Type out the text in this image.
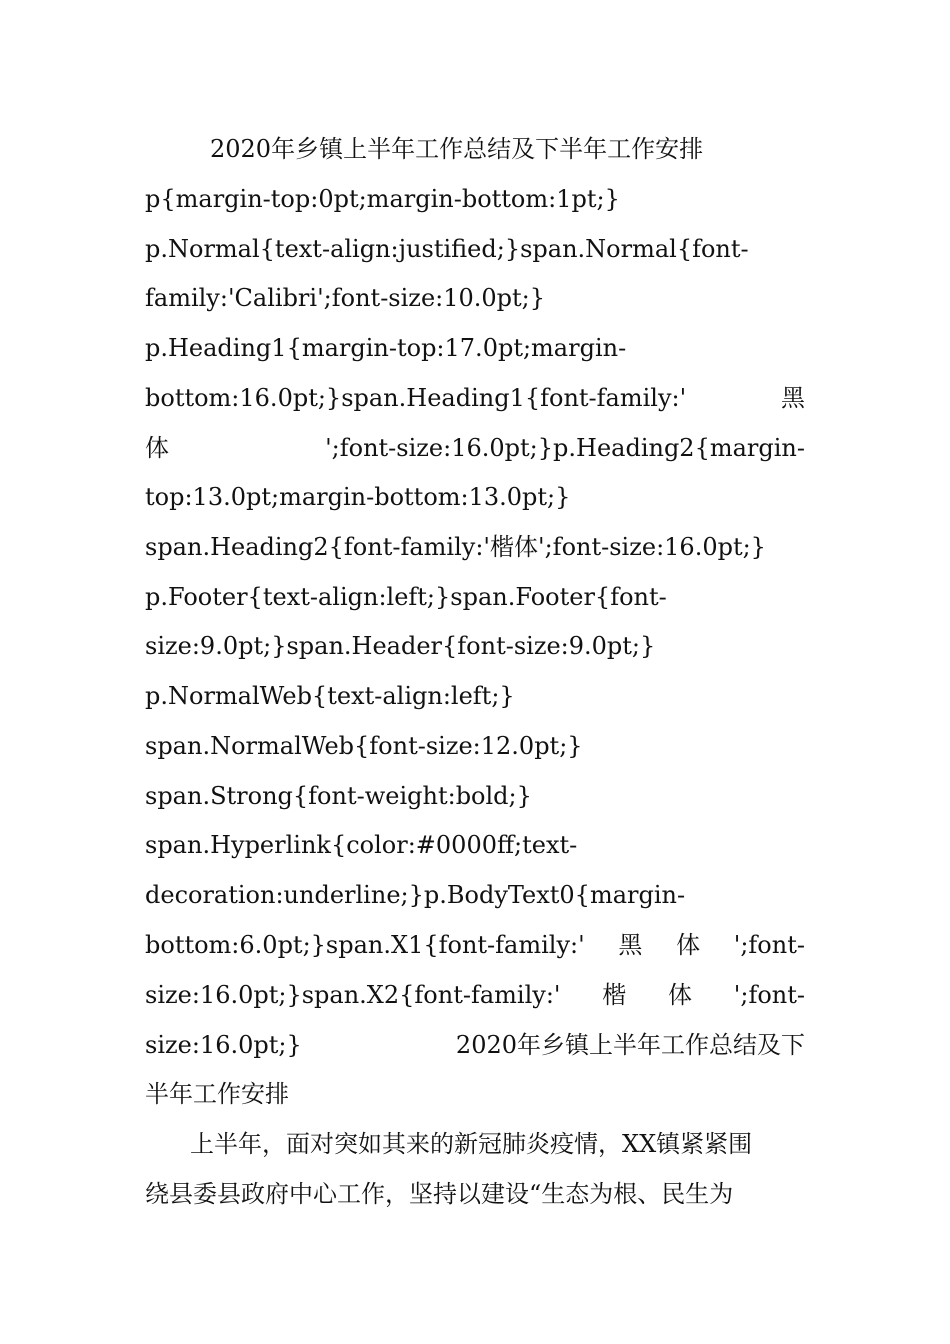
2020年乡镇上半年工作总结及下半年工作安排
p{margin-top:0pt;margin-bottom:1pt;}
p.Normal{text-align:justified;}span.Normal{font-
family:'Calibri';font-size:10.0pt;}
p.Heading1{margin-top:17.0pt;margin-
bottom:16.0pt;}span.Heading1{font-family:'	黑
体	';font-size:16.0pt;}p.Heading2{margin-
top:13.0pt;margin-bottom:13.0pt;}
span.Heading2{font-family:'楷体';font-size:16.0pt;}
p.Footer{text-align:left;}span.Footer{font-
size:9.0pt;}span.Header{font-size:9.0pt;}
p.NormalWeb{text-align:left;}
span.NormalWeb{font-size:12.0pt;}
span.Strong{font-weight:bold;}
span.Hyperlink{color:#0000ff;text-
decoration:underline;}p.BodyText0{margin-
bottom:6.0pt;}span.X1{font-family:' 黑 体 ';font-
size:16.0pt;}span.X2{font-family:' 楷 体 ';font-
size:16.0pt;}	2020年乡镇上半年工作总结及下
半年工作安排
上半年，面对突如其来的新冠肺炎疫情，XX镇紧紧围
绕县委县政府中心工作，坚持以建设“生态为根、民生为
